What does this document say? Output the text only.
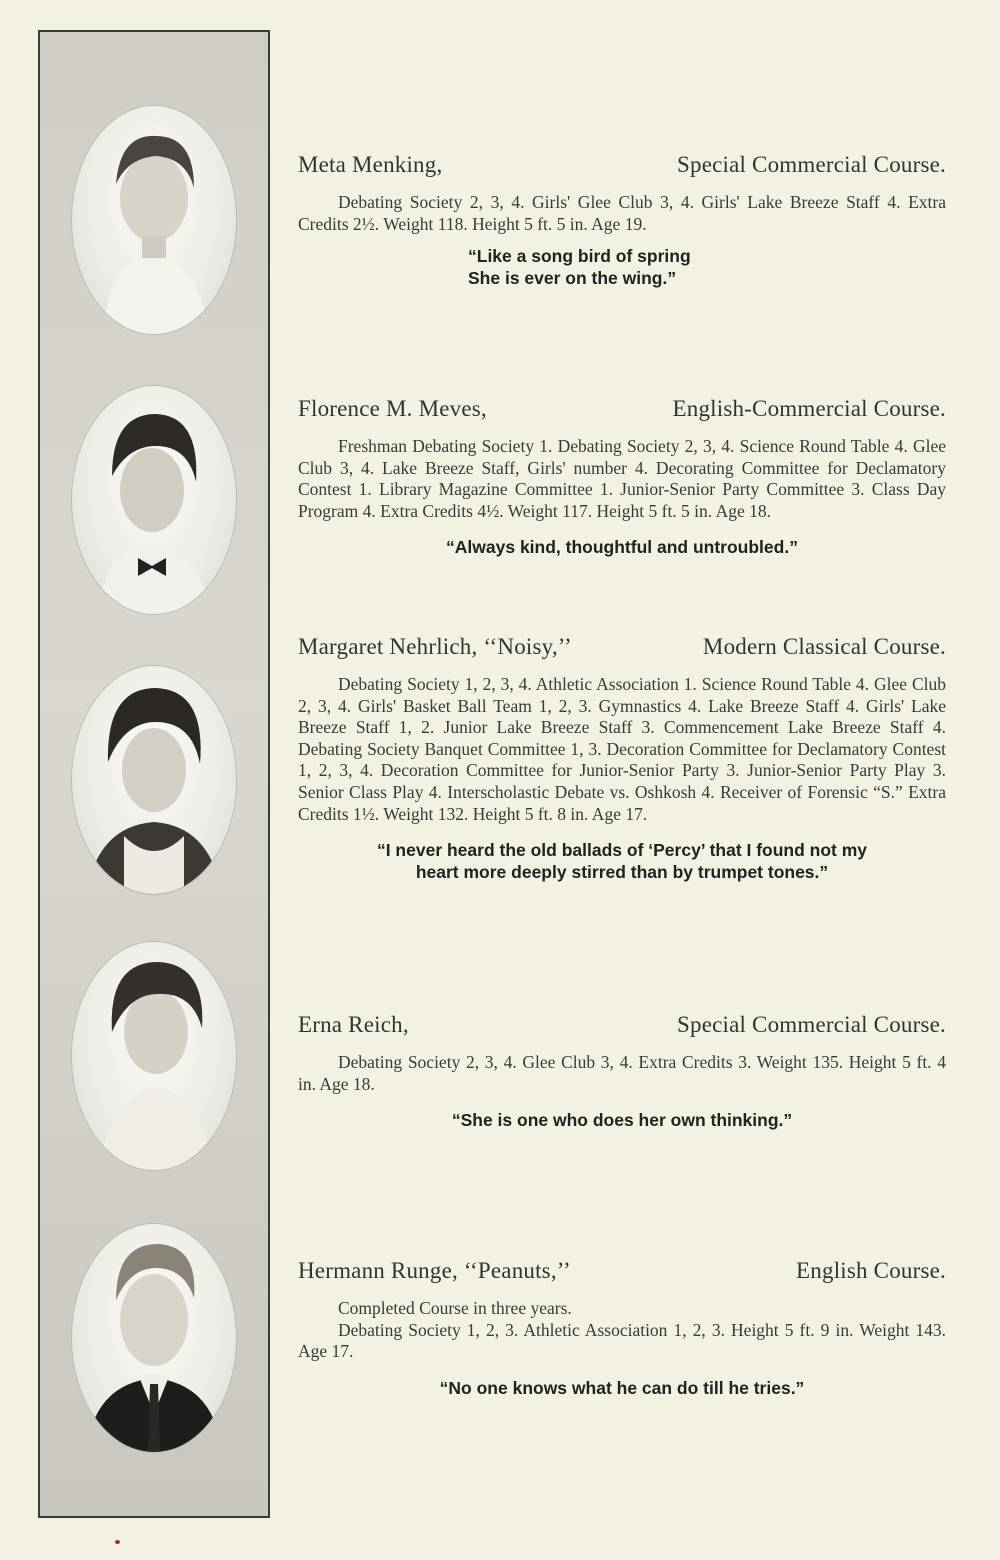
Meta Menking,	Special Commercial Course.

Debating Society 2, 3, 4. Girls' Glee Club 3, 4. Girls' Lake Breeze Staff 4. Extra Credits 2½. Weight 118. Height 5 ft. 5 in. Age 19.

“Like a song bird of spring
She is ever on the wing.”
Florence M. Meves,	English-Commercial Course.

Freshman Debating Society 1. Debating Society 2, 3, 4. Science Round Table 4. Glee Club 3, 4. Lake Breeze Staff, Girls' number 4. Decorating Committee for Declamatory Contest 1. Library Magazine Committee 1. Junior-Senior Party Committee 3. Class Day Program 4. Extra Credits 4½. Weight 117. Height 5 ft. 5 in. Age 18.

“Always kind, thoughtful and untroubled.”
Margaret Nehrlich, ‘‘Noisy,’’	Modern Classical Course.

Debating Society 1, 2, 3, 4. Athletic Association 1. Science Round Table 4. Glee Club 2, 3, 4. Girls' Basket Ball Team 1, 2, 3. Gymnastics 4. Lake Breeze Staff 4. Girls' Lake Breeze Staff 1, 2. Junior Lake Breeze Staff 3. Commencement Lake Breeze Staff 4. Debating Society Banquet Committee 1, 3. Decoration Committee for Declamatory Contest 1, 2, 3, 4. Decoration Committee for Junior-Senior Party 3. Junior-Senior Party Play 3. Senior Class Play 4. Interscholastic Debate vs. Oshkosh 4. Receiver of Forensic “S.” Extra Credits 1½. Weight 132. Height 5 ft. 8 in. Age 17.

“I never heard the old ballads of ‘Percy’ that I found not my
heart more deeply stirred than by trumpet tones.”
Erna Reich,	Special Commercial Course.

Debating Society 2, 3, 4. Glee Club 3, 4. Extra Credits 3. Weight 135. Height 5 ft. 4 in. Age 18.

“She is one who does her own thinking.”
Hermann Runge, ‘‘Peanuts,’’	English Course.

Completed Course in three years.

Debating Society 1, 2, 3. Athletic Association 1, 2, 3. Height 5 ft. 9 in. Weight 143. Age 17.

“No one knows what he can do till he tries.”
